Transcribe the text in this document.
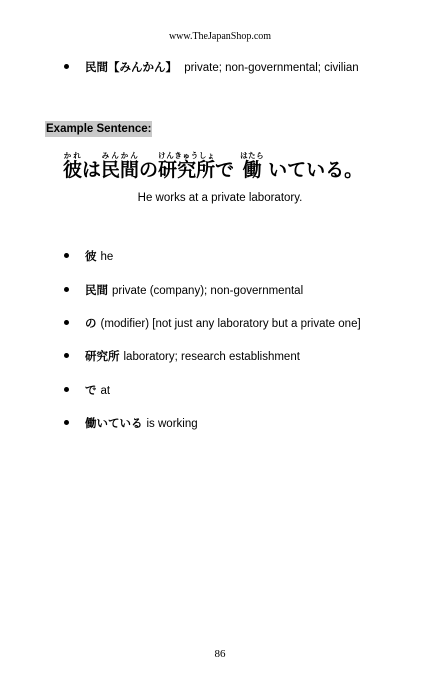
www.TheJapanShop.com
民間【みんかん】 private; non-governmental; civilian
Example Sentence:
彼かれは民間みんかんの研究所けんきゅうしょで 働はたらいている。
He works at a private laboratory.
彼 he
民間 private (company); non-governmental
の (modifier) [not just any laboratory but a private one]
研究所 laboratory; research establishment
で at
働いている is working
86
